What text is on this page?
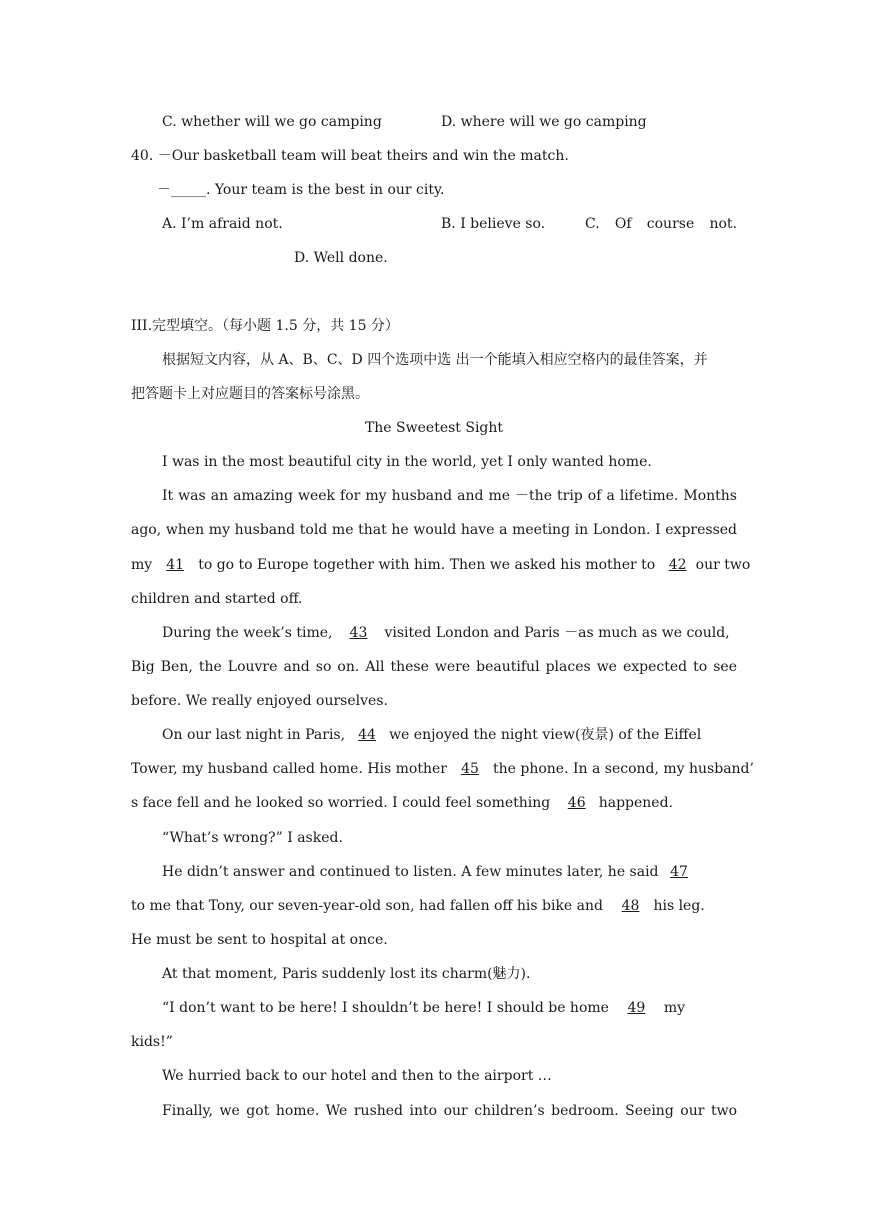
C. whether will we go camping	D. where will we go camping
40. －Our basketball team will beat theirs and win the match.
－_____. Your team is the best in our city.
A. I’m afraid not.	B. I believe so.	C. Of course not.
D. Well done.
III.完型填空。（每小题 1.5 分，共 15 分）
根据短文内容，从 A、B、C、D 四个选项中选 出一个能填入相应空格内的最佳答案，并
把答题卡上对应题目的答案标号涂黑。
The Sweetest Sight
I was in the most beautiful city in the world, yet I only wanted home.
It was an amazing week for my husband and me －the trip of a lifetime. Months
ago, when my husband told me that he would have a meeting in London. I expressed
my 41 to go to Europe together with him. Then we asked his mother to 42 our two
children and started off.
During the week’s time, 43 visited London and Paris －as much as we could,
Big Ben, the Louvre and so on. All these were beautiful places we expected to see
before. We really enjoyed ourselves.
On our last night in Paris, 44 we enjoyed the night view(夜景) of the Eiffel
Tower, my husband called home. His mother 45 the phone. In a second, my husband’
s face fell and he looked so worried. I could feel something 46 happened.
“What’s wrong?” I asked.
He didn’t answer and continued to listen. A few minutes later, he said 47
to me that Tony, our seven-year-old son, had fallen off his bike and 48 his leg.
He must be sent to hospital at once.
At that moment, Paris suddenly lost its charm(魅力).
“I don’t want to be here! I shouldn’t be here! I should be home 49 my
kids!”
We hurried back to our hotel and then to the airport …
Finally, we got home. We rushed into our children’s bedroom. Seeing our two
